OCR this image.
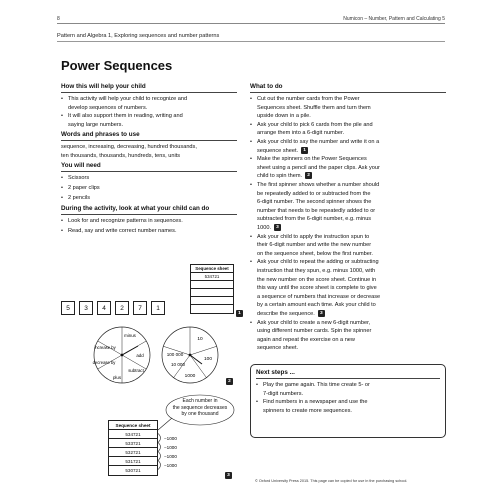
8	Numicon – Number, Pattern and Calculating 5
Pattern and Algebra 1, Exploring sequences and number patterns
Power Sequences
How this will help your child
• This activity will help your child to recognize and
develop sequences of numbers.
• It will also support them in reading, writing and
saying large numbers.
Words and phrases to use
sequence, increasing, decreasing, hundred thousands,
ten thousands, thousands, hundreds, tens, units
You will need
• Scissors
• 2 paper clips
• 2 pencils
During the activity, look at what your child can do
• Look for and recognize patterns in sequences.
• Read, say and write correct number names.
Sequence sheet
534721
5	3	4	2	7	1
1
minus
add
subtract
plus
decrease by
increase by
10
100
1000
10 000
100 000
2
Each number in
the sequence decreases
by one thousand
Sequence sheet
534721
533721
532721
531721
530721
−1000
−1000
−1000
−1000
3
What to do
• Cut out the number cards from the Power
Sequences sheet. Shuffle them and turn them
upside down in a pile.
• Ask your child to pick 6 cards from the pile and
arrange them into a 6-digit number.
• Ask your child to say the number and write it on a
sequence sheet. 1
• Make the spinners on the Power Sequences
sheet using a pencil and the paper clips. Ask your
child to spin them. 2
• The first spinner shows whether a number should
be repeatedly added to or subtracted from the
6-digit number. The second spinner shows the
number that needs to be repeatedly added to or
subtracted from the 6-digit number, e.g. minus
1000. 3
• Ask your child to apply the instruction spun to
their 6-digit number and write the new number
on the sequence sheet, below the first number.
• Ask your child to repeat the adding or subtracting
instruction that they spun, e.g. minus 1000, with
the new number on the score sheet. Continue in
this way until the score sheet is complete to give
a sequence of numbers that increase or decrease
by a certain amount each time. Ask your child to
describe the sequence. 3
• Ask your child to create a new 6-digit number,
using different number cards. Spin the spinner
again and repeat the exercise on a new
sequence sheet.
Next steps ...
• Play the game again. This time create 5- or
7-digit numbers.
• Find numbers in a newspaper and use the
spinners to create more sequences.
© Oxford University Press 2015. This page can be copied for use in the purchasing school.
